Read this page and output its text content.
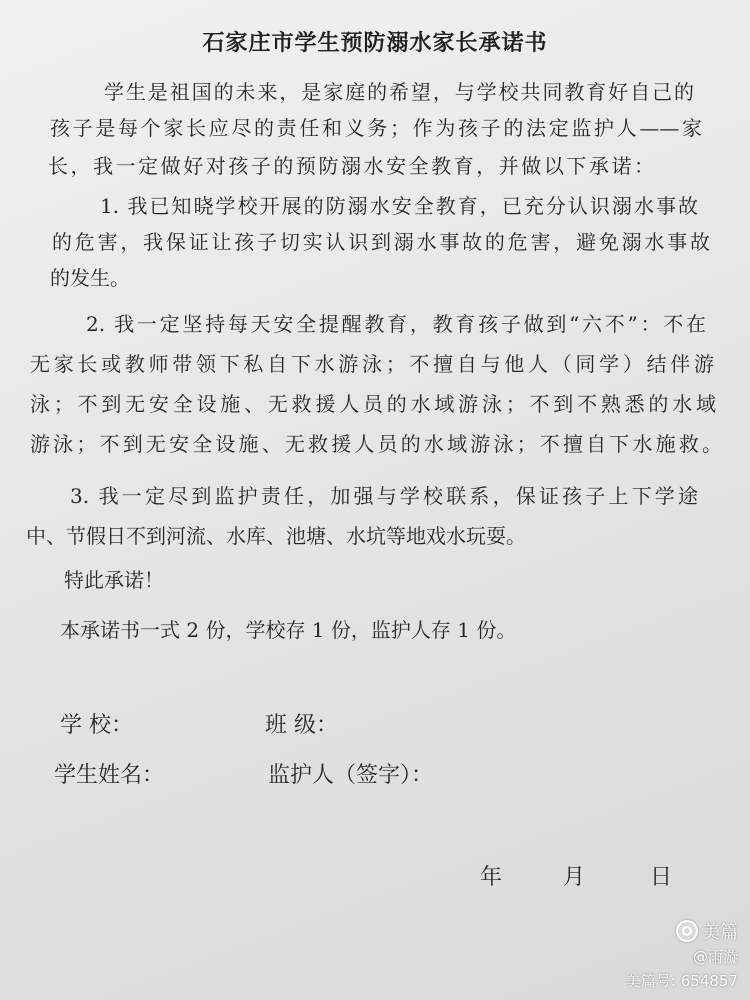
石家庄市学生预防溺水家长承诺书
学生是祖国的未来，是家庭的希望，与学校共同教育好自己的
孩子是每个家长应尽的责任和义务；作为孩子的法定监护人——家
长，我一定做好对孩子的预防溺水安全教育，并做以下承诺：
1. 我已知晓学校开展的防溺水安全教育，已充分认识溺水事故
的危害，我保证让孩子切实认识到溺水事故的危害，避免溺水事故
的发生。
2. 我一定坚持每天安全提醒教育，教育孩子做到“六不”：不在
无家长或教师带领下私自下水游泳；不擅自与他人（同学）结伴游
泳；不到无安全设施、无救援人员的水域游泳；不到不熟悉的水域
游泳；不到无安全设施、无救援人员的水域游泳；不擅自下水施救。
3. 我一定尽到监护责任，加强与学校联系，保证孩子上下学途
中、节假日不到河流、水库、池塘、水坑等地戏水玩耍。
特此承诺！
本承诺书一式 2 份，学校存 1 份，监护人存 1 份。
学 校：	班 级：
学生姓名：	监护人（签字）：
年	月	日
美篇
@雨漩
美篇号: 654857
